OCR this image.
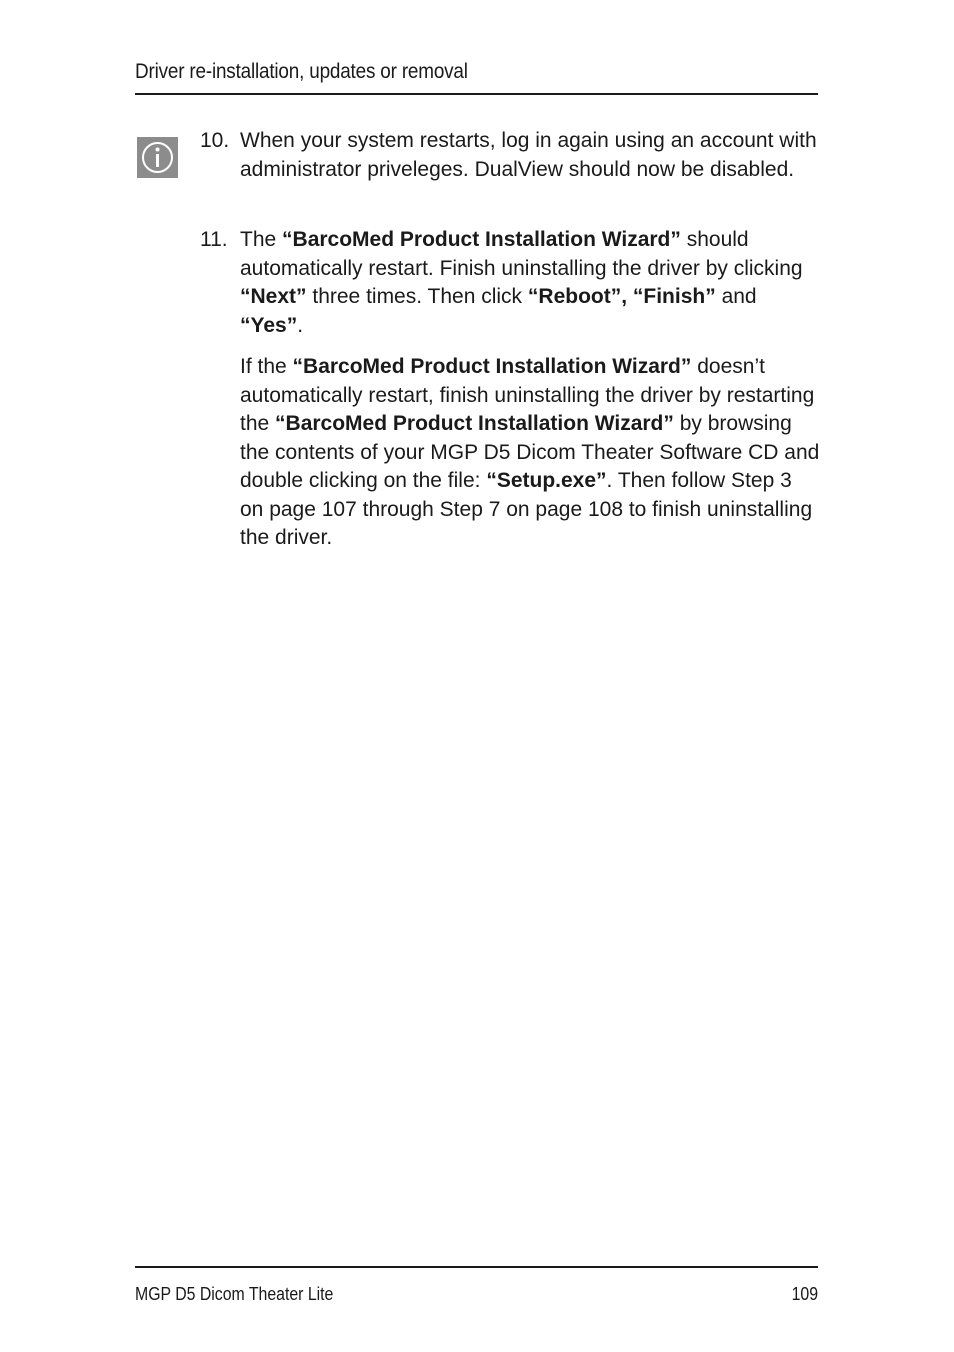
Driver re-installation, updates or removal
10. When your system restarts, log in again using an account with administrator priveleges. DualView should now be disabled.
11. The “BarcoMed Product Installation Wizard” should automatically restart. Finish uninstalling the driver by clicking “Next” three times. Then click “Reboot”, “Finish” and “Yes”.
If the “BarcoMed Product Installation Wizard” doesn’t automatically restart, finish uninstalling the driver by restarting the “BarcoMed Product Installation Wizard” by browsing the contents of your MGP D5 Dicom Theater Software CD and double clicking on the file: “Setup.exe”. Then follow Step 3 on page 107 through Step 7 on page 108 to finish uninstalling the driver.
MGP D5 Dicom Theater Lite	109
